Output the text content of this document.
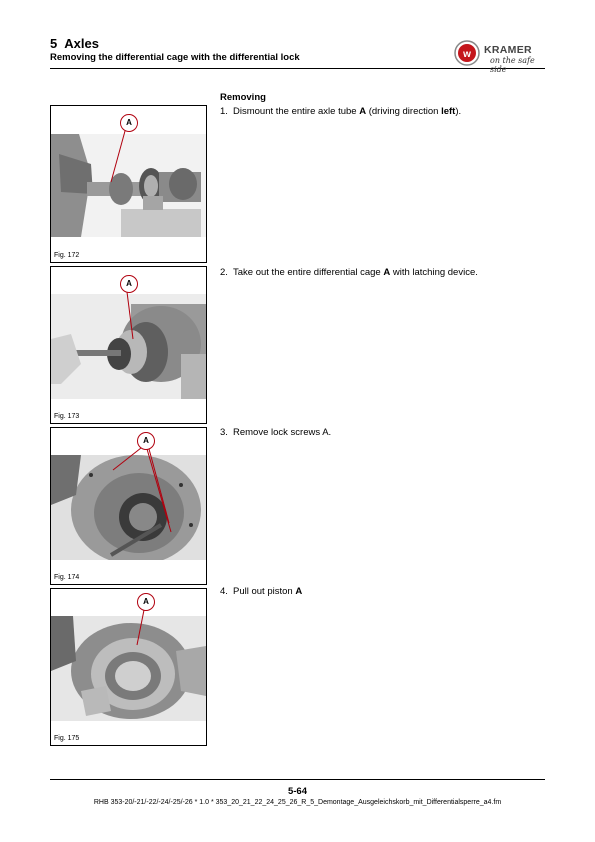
5 Axles
Removing the differential cage with the differential lock	w KRAMER
on the safe side
Removing
1. Dismount the entire axle tube A (driving direction left).
2. Take out the entire differential cage A with latching device.
3. Remove lock screws A.
4. Pull out piston A
A
Fig. 172
A
Fig. 173
A
Fig. 174
A
Fig. 175
5-64
RHB 353-20/-21/-22/-24/-25/-26 * 1.0 * 353_20_21_22_24_25_26_R_5_Demontage_Ausgeleichskorb_mit_Differentialsperre_a4.fm
